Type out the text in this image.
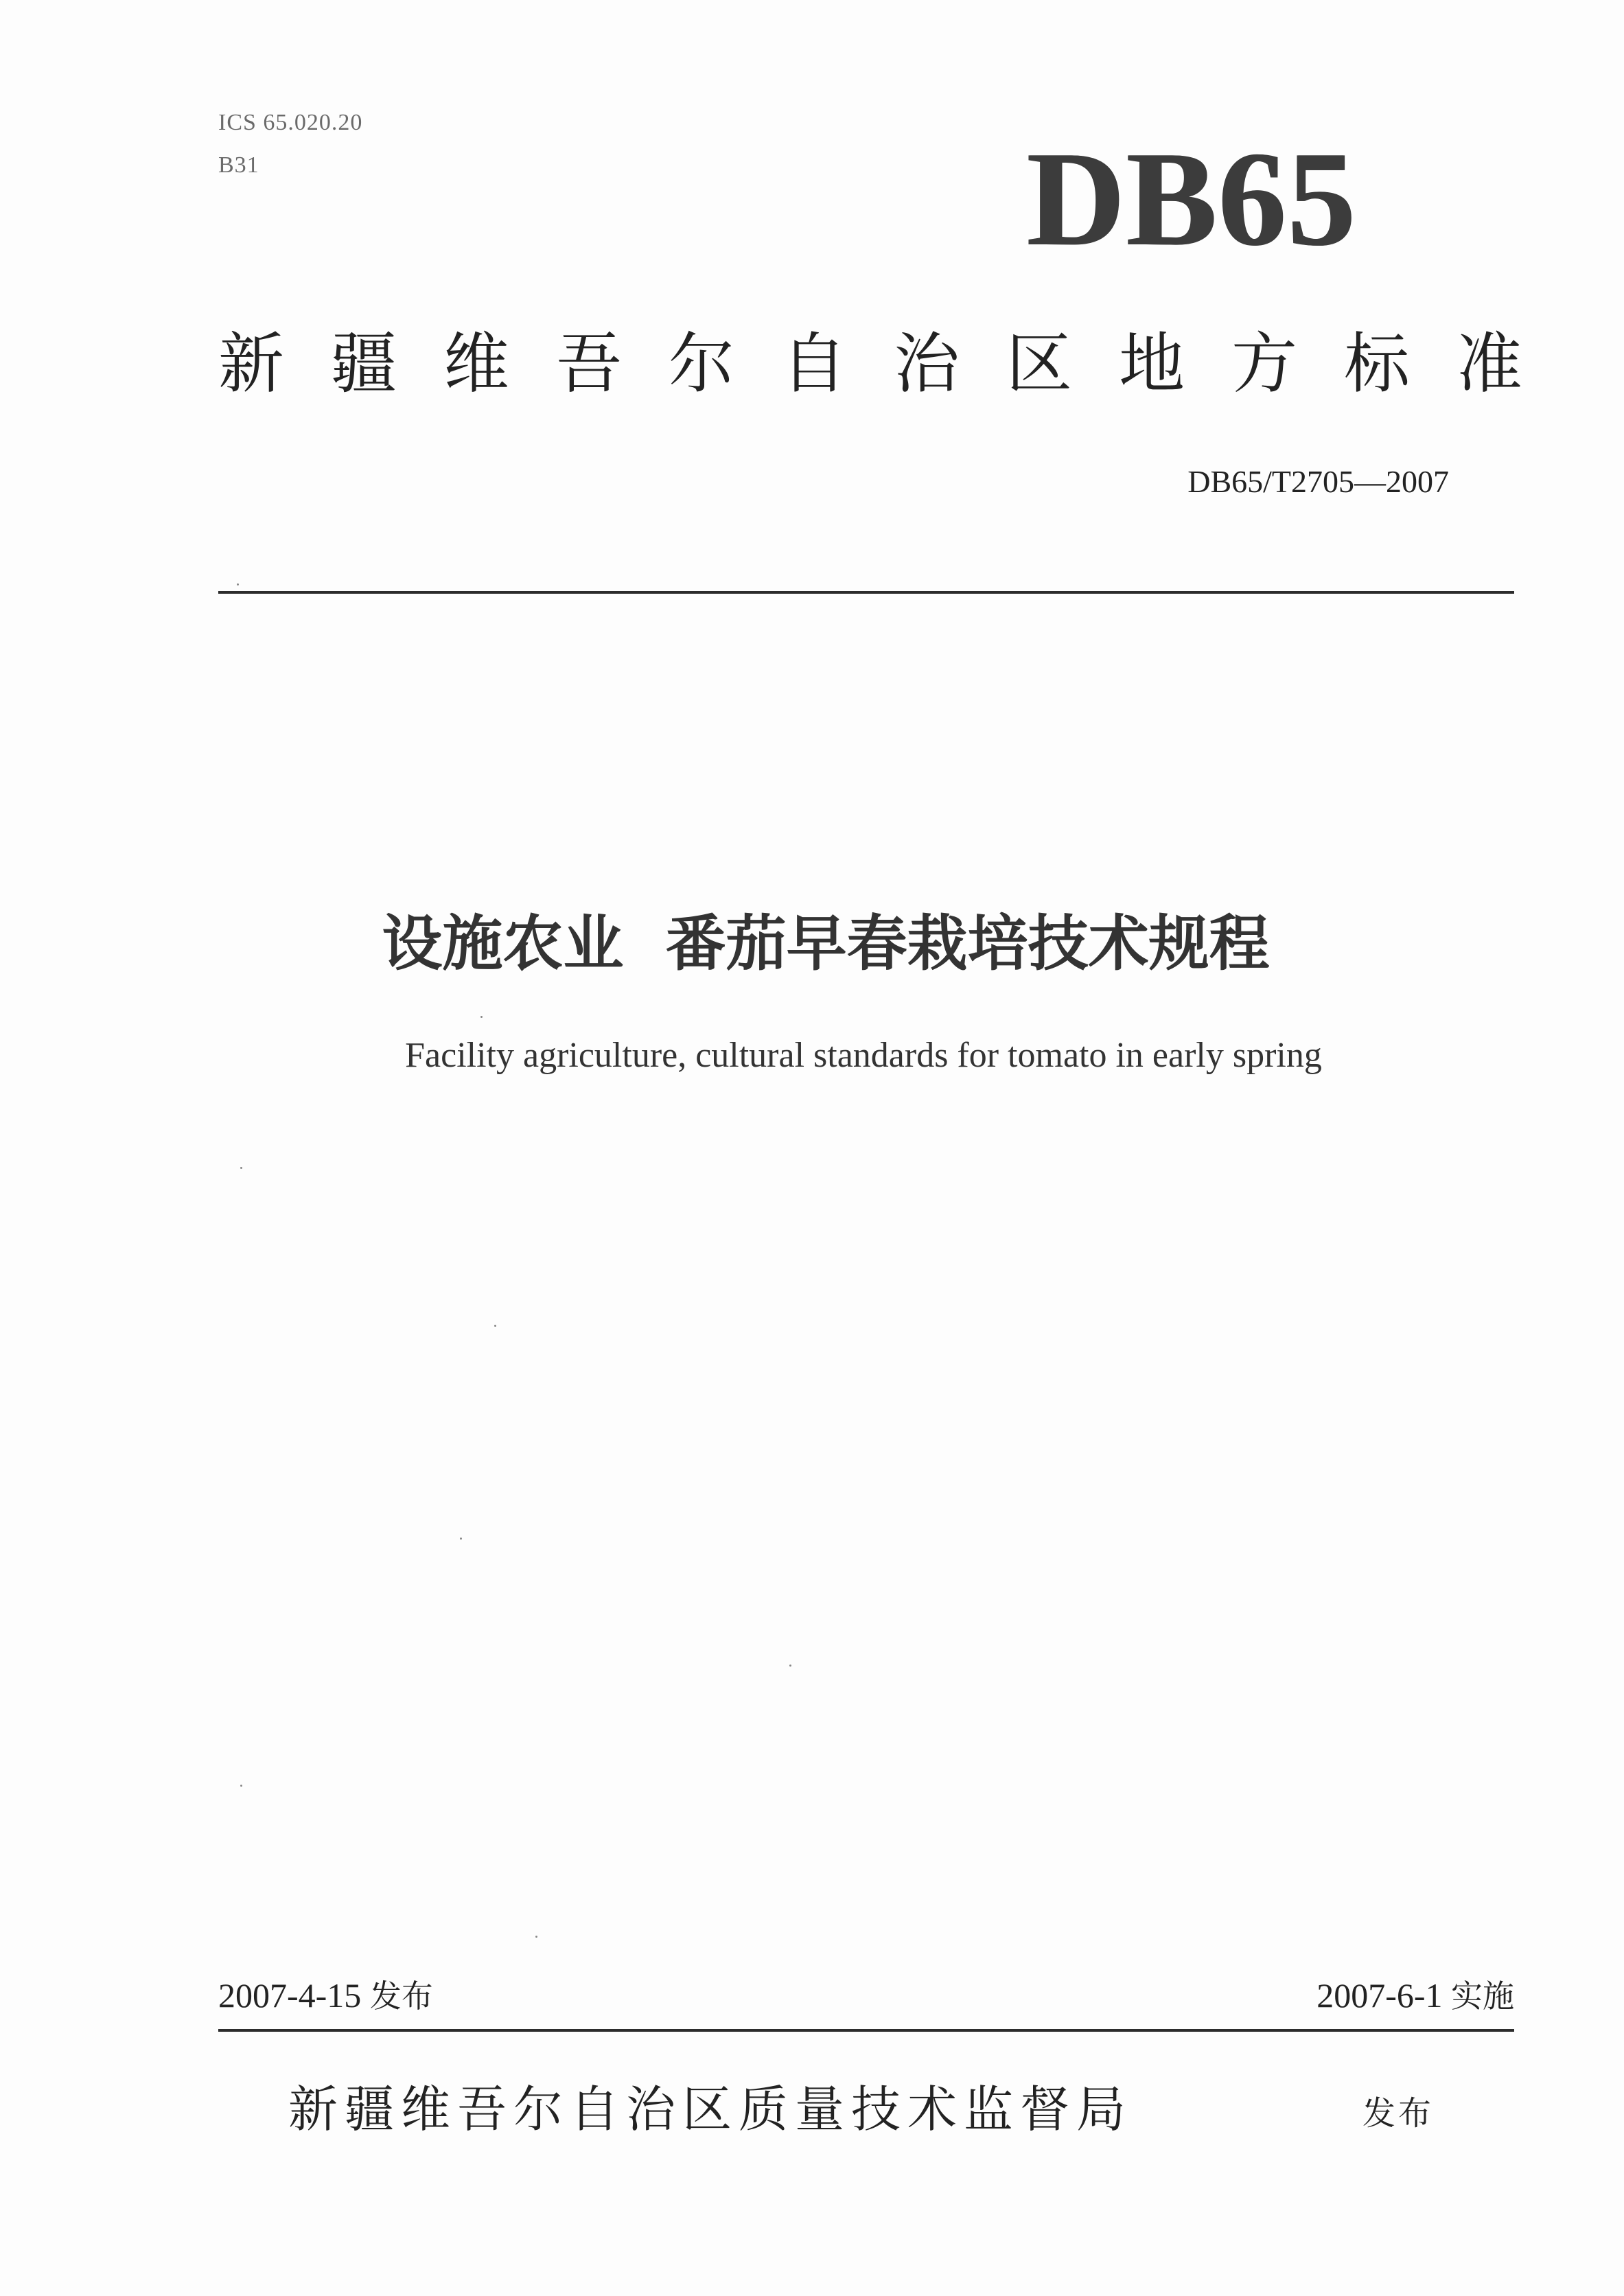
ICS 65.020.20
B31	DB65
新疆维吾尔自治区地方标准
DB65/T2705—2007
设施农业  番茄早春栽培技术规程
Facility agriculture, cultural standards for tomato in early spring
2007-4-15 发布	2007-6-1 实施
新疆维吾尔自治区质量技术监督局	发布
